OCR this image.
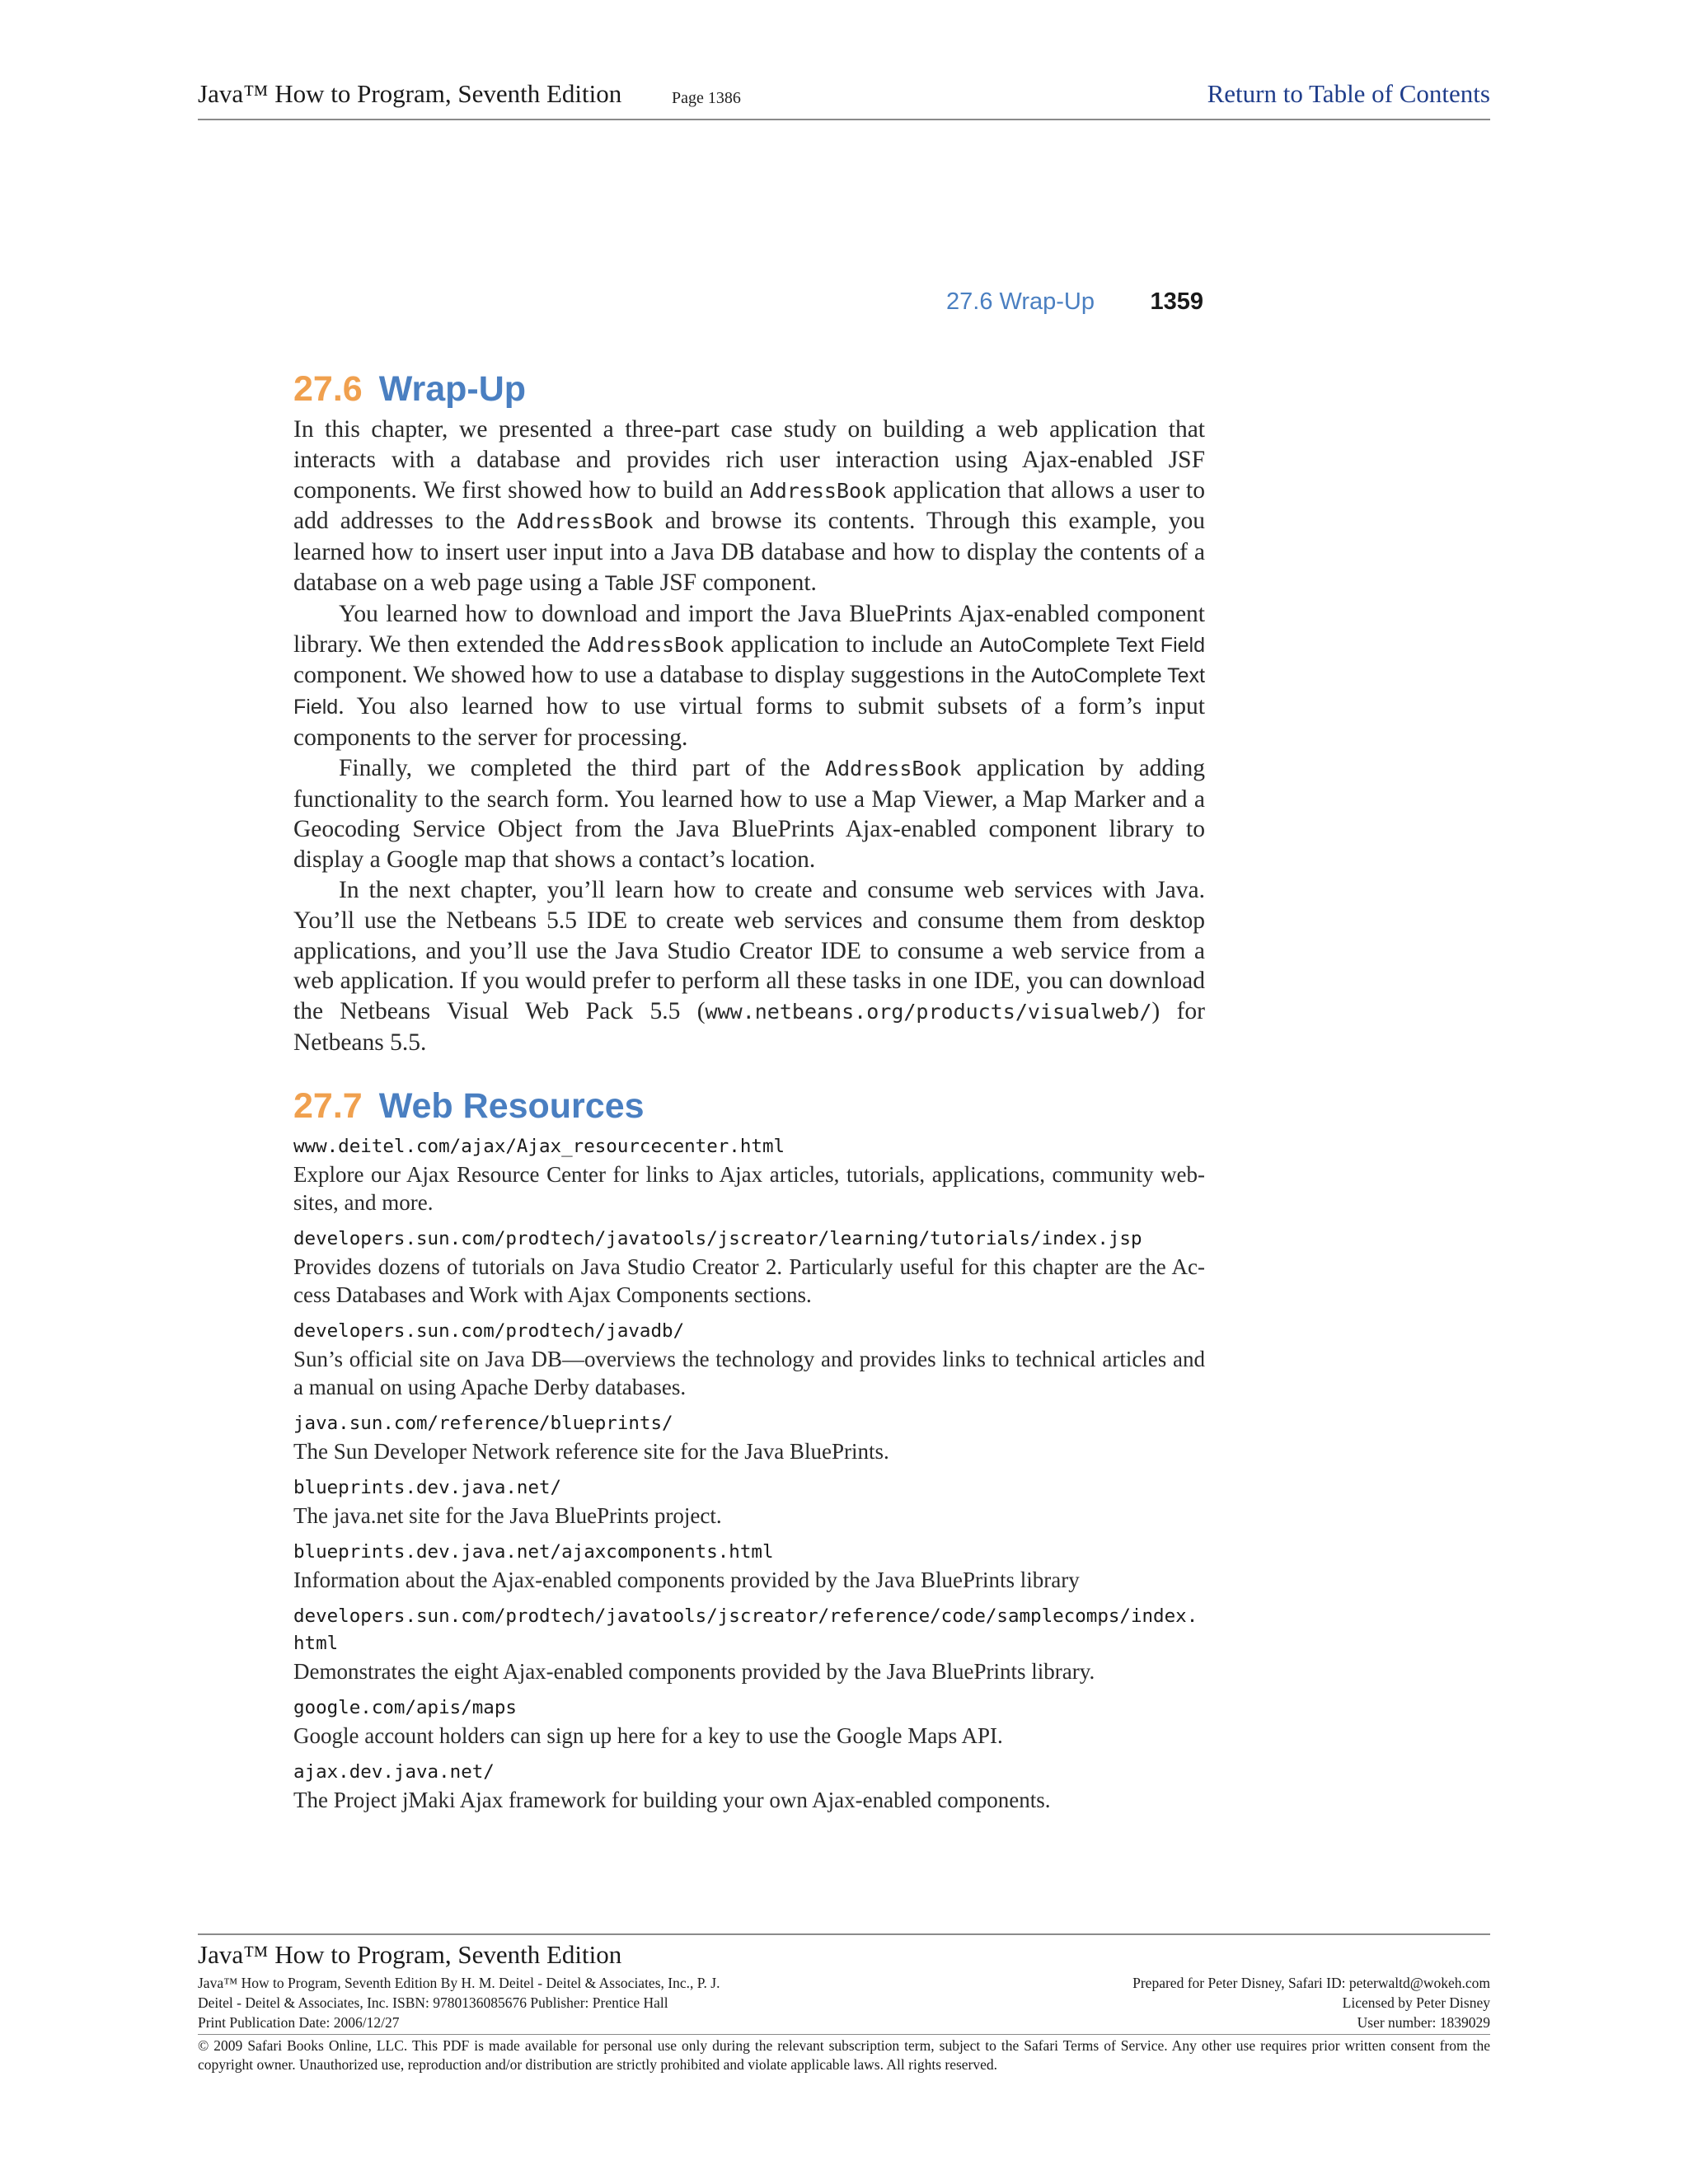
Java™ How to Program, Seventh Edition	Page 1386	Return to Table of Contents
27.6 Wrap-Up 1359
27.6 Wrap-Up

In this chapter, we presented a three-part case study on building a web application that interacts with a database and provides rich user interaction using Ajax-enabled JSF components. We first showed how to build an AddressBook application that allows a user to add addresses to the AddressBook and browse its contents. Through this example, you learned how to insert user input into a Java DB database and how to display the contents of a database on a web page using a Table JSF component.

You learned how to download and import the Java BluePrints Ajax-enabled component library. We then extended the AddressBook application to include an AutoComplete Text Field component. We showed how to use a database to display suggestions in the AutoComplete Text Field. You also learned how to use virtual forms to submit subsets of a form’s input components to the server for processing.

Finally, we completed the third part of the AddressBook application by adding functionality to the search form. You learned how to use a Map Viewer, a Map Marker and a Geocoding Service Object from the Java BluePrints Ajax-enabled component library to display a Google map that shows a contact’s location.

In the next chapter, you’ll learn how to create and consume web services with Java. You’ll use the Netbeans 5.5 IDE to create web services and consume them from desktop applications, and you’ll use the Java Studio Creator IDE to consume a web service from a web application. If you would prefer to perform all these tasks in one IDE, you can download the Netbeans Visual Web Pack 5.5 (www.netbeans.org/products/visualweb/) for Netbeans 5.5.

27.7 Web Resources
www.deitel.com/ajax/Ajax_resourcecenter.html
Explore our Ajax Resource Center for links to Ajax articles, tutorials, applications, community websites, and more.
developers.sun.com/prodtech/javatools/jscreator/learning/tutorials/index.jsp
Provides dozens of tutorials on Java Studio Creator 2. Particularly useful for this chapter are the Access Databases and Work with Ajax Components sections.
developers.sun.com/prodtech/javadb/
Sun’s official site on Java DB—overviews the technology and provides links to technical articles and a manual on using Apache Derby databases.
java.sun.com/reference/blueprints/
The Sun Developer Network reference site for the Java BluePrints.
blueprints.dev.java.net/
The java.net site for the Java BluePrints project.
blueprints.dev.java.net/ajaxcomponents.html
Information about the Ajax-enabled components provided by the Java BluePrints library
developers.sun.com/prodtech/javatools/jscreator/reference/code/samplecomps/index.html
Demonstrates the eight Ajax-enabled components provided by the Java BluePrints library.
google.com/apis/maps
Google account holders can sign up here for a key to use the Google Maps API.
ajax.dev.java.net/
The Project jMaki Ajax framework for building your own Ajax-enabled components.
Java™ How to Program, Seventh Edition
Java™ How to Program, Seventh Edition By H. M. Deitel - Deitel & Associates, Inc., P. J.
Deitel - Deitel & Associates, Inc. ISBN: 9780136085676 Publisher: Prentice Hall
Print Publication Date: 2006/12/27
Prepared for Peter Disney, Safari ID: peterwaltd@wokeh.com
Licensed by Peter Disney
User number: 1839029
© 2009 Safari Books Online, LLC. This PDF is made available for personal use only during the relevant subscription term, subject to the Safari Terms of Service. Any other use requires prior written consent from the copyright owner. Unauthorized use, reproduction and/or distribution are strictly prohibited and violate applicable laws. All rights reserved.
